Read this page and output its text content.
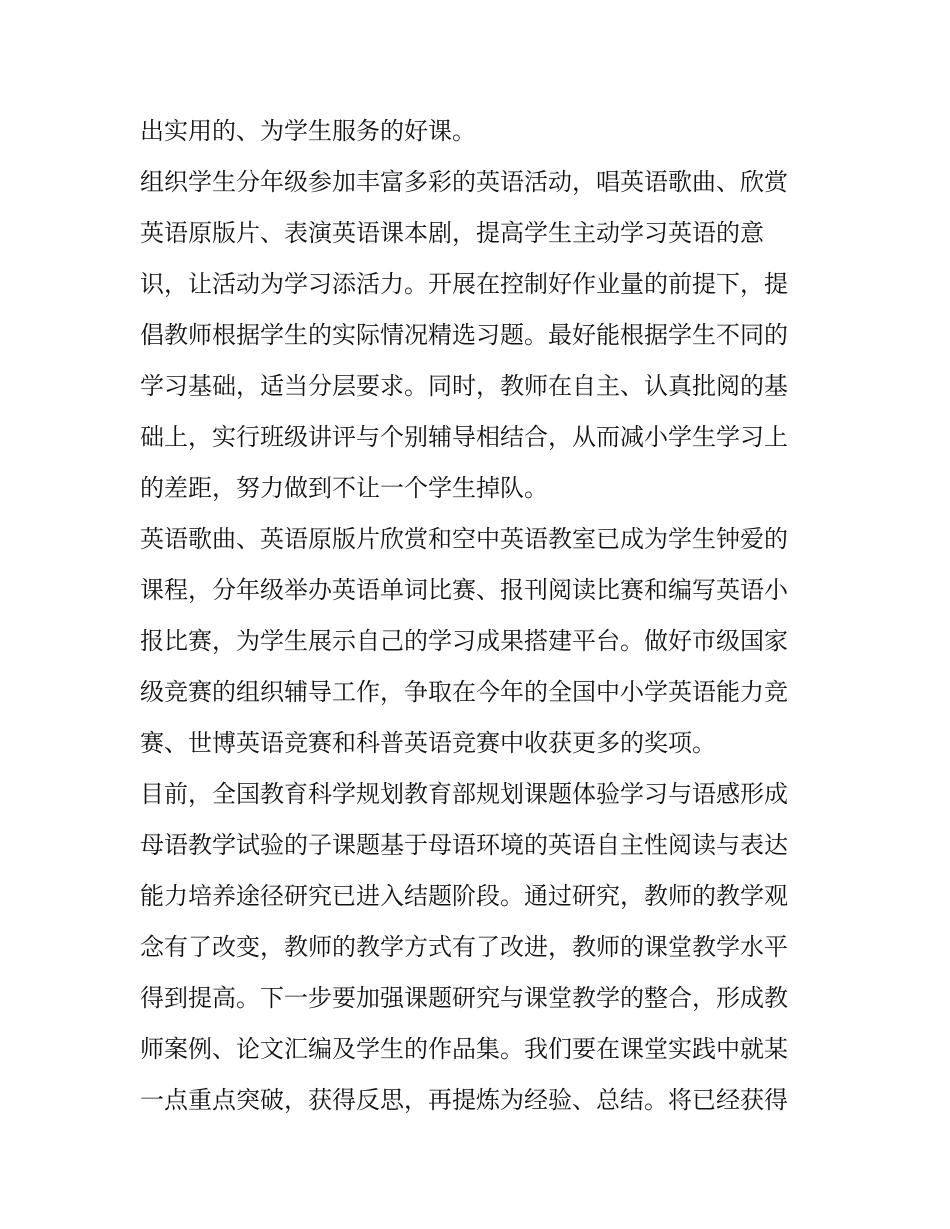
出实用的、为学生服务的好课。
组织学生分年级参加丰富多彩的英语活动，唱英语歌曲、欣赏
英语原版片、表演英语课本剧，提高学生主动学习英语的意
识，让活动为学习添活力。开展在控制好作业量的前提下，提
倡教师根据学生的实际情况精选习题。最好能根据学生不同的
学习基础，适当分层要求。同时，教师在自主、认真批阅的基
础上，实行班级讲评与个别辅导相结合，从而减小学生学习上
的差距，努力做到不让一个学生掉队。
英语歌曲、英语原版片欣赏和空中英语教室已成为学生钟爱的
课程，分年级举办英语单词比赛、报刊阅读比赛和编写英语小
报比赛，为学生展示自己的学习成果搭建平台。做好市级国家
级竞赛的组织辅导工作，争取在今年的全国中小学英语能力竞
赛、世博英语竞赛和科普英语竞赛中收获更多的奖项。
目前，全国教育科学规划教育部规划课题体验学习与语感形成
母语教学试验的子课题基于母语环境的英语自主性阅读与表达
能力培养途径研究已进入结题阶段。通过研究，教师的教学观
念有了改变，教师的教学方式有了改进，教师的课堂教学水平
得到提高。下一步要加强课题研究与课堂教学的整合，形成教
师案例、论文汇编及学生的作品集。我们要在课堂实践中就某
一点重点突破，获得反思，再提炼为经验、总结。将已经获得
